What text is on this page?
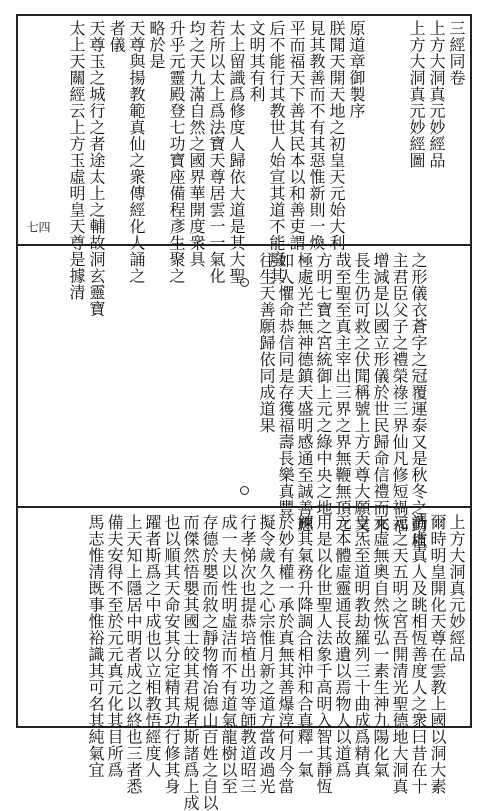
三經同卷
上方大洞真元妙經品
上方大洞真元妙經圖
原道章御製序
朕聞天開天地之初皇天元始大利
見其教善而不有其惡惟新則一煥
平而福天下善其民本以和善吏謂
后不能行其教世人始宣其道不能廢其
文明其有利
太上留識爲修度人歸依大道是其大聖
若所以太上爲法寶天尊居雲一一氣化
均之天九滿自然之國界華開度衆具
升乎元靈殿登七功寶座備程彥生聚之
略於是
天尊與揚教範真仙之衆傳經化人誦之
者儀
天尊玉之城行之者途太上之輔故洞玄靈寶
太上天關經云上方玉虛明皇天尊是據清
四七
之形儀衣蒼字之冠覆運泰又是秋冬之動植
主君臣父子之禮榮祿三界仙凡修短禍福
增減是以國立形儀於世民歸命信禮而來
長生仍可救之伏聞稱號上方天尊大願文
哉至聖至真主宰出三界之界無鞭無頂之
方明七寶之宮統御上元之綠中央之地
極處光芒無神德鎮天盛明感通至誠善應
如人懼命恭信同是存獲福壽長樂真豐
往生天善願歸依同成道果
上方大洞真元妙經品
爾時明皇開化天尊在雲教上國以洞大素
清虛真人及眺相恆善度人之衆曰昔在十
元之天五明之宮吾開清光聖德地大洞真
元虛無奧自然恢弘一素生神九陽化氣
皇炁至道明教劫羅列三十曲成爲精真
元本體虛靈通長故遺以焉物人以道爲
用是以化世聖人法象千高明入智其靜恆
鍊其氣務升降調合相沖和合真釋一氣
於妙有權一承於真無其善爆淳何月今當
擬令歲久之心宗惟月新之道方當改過光
行孝悌次也提恭培植出功等師教道昭三
成一夫以性明虛洁而不有道氣龍樹以至
存德於嬰而敘之靜物惰冶德山百姓之自以
而傑然悟嬰其國士皎其君規者斯諸爲上成
也以順其天命安其分定精其功行修其身
躍者斯爲之中成也以立相教悟經度人
上天知上隱居中明者成之以終也三者悉
備夫安得不至於元元真元化其目所爲
馬志惟清既事惟裕識其可名其純氣宜
